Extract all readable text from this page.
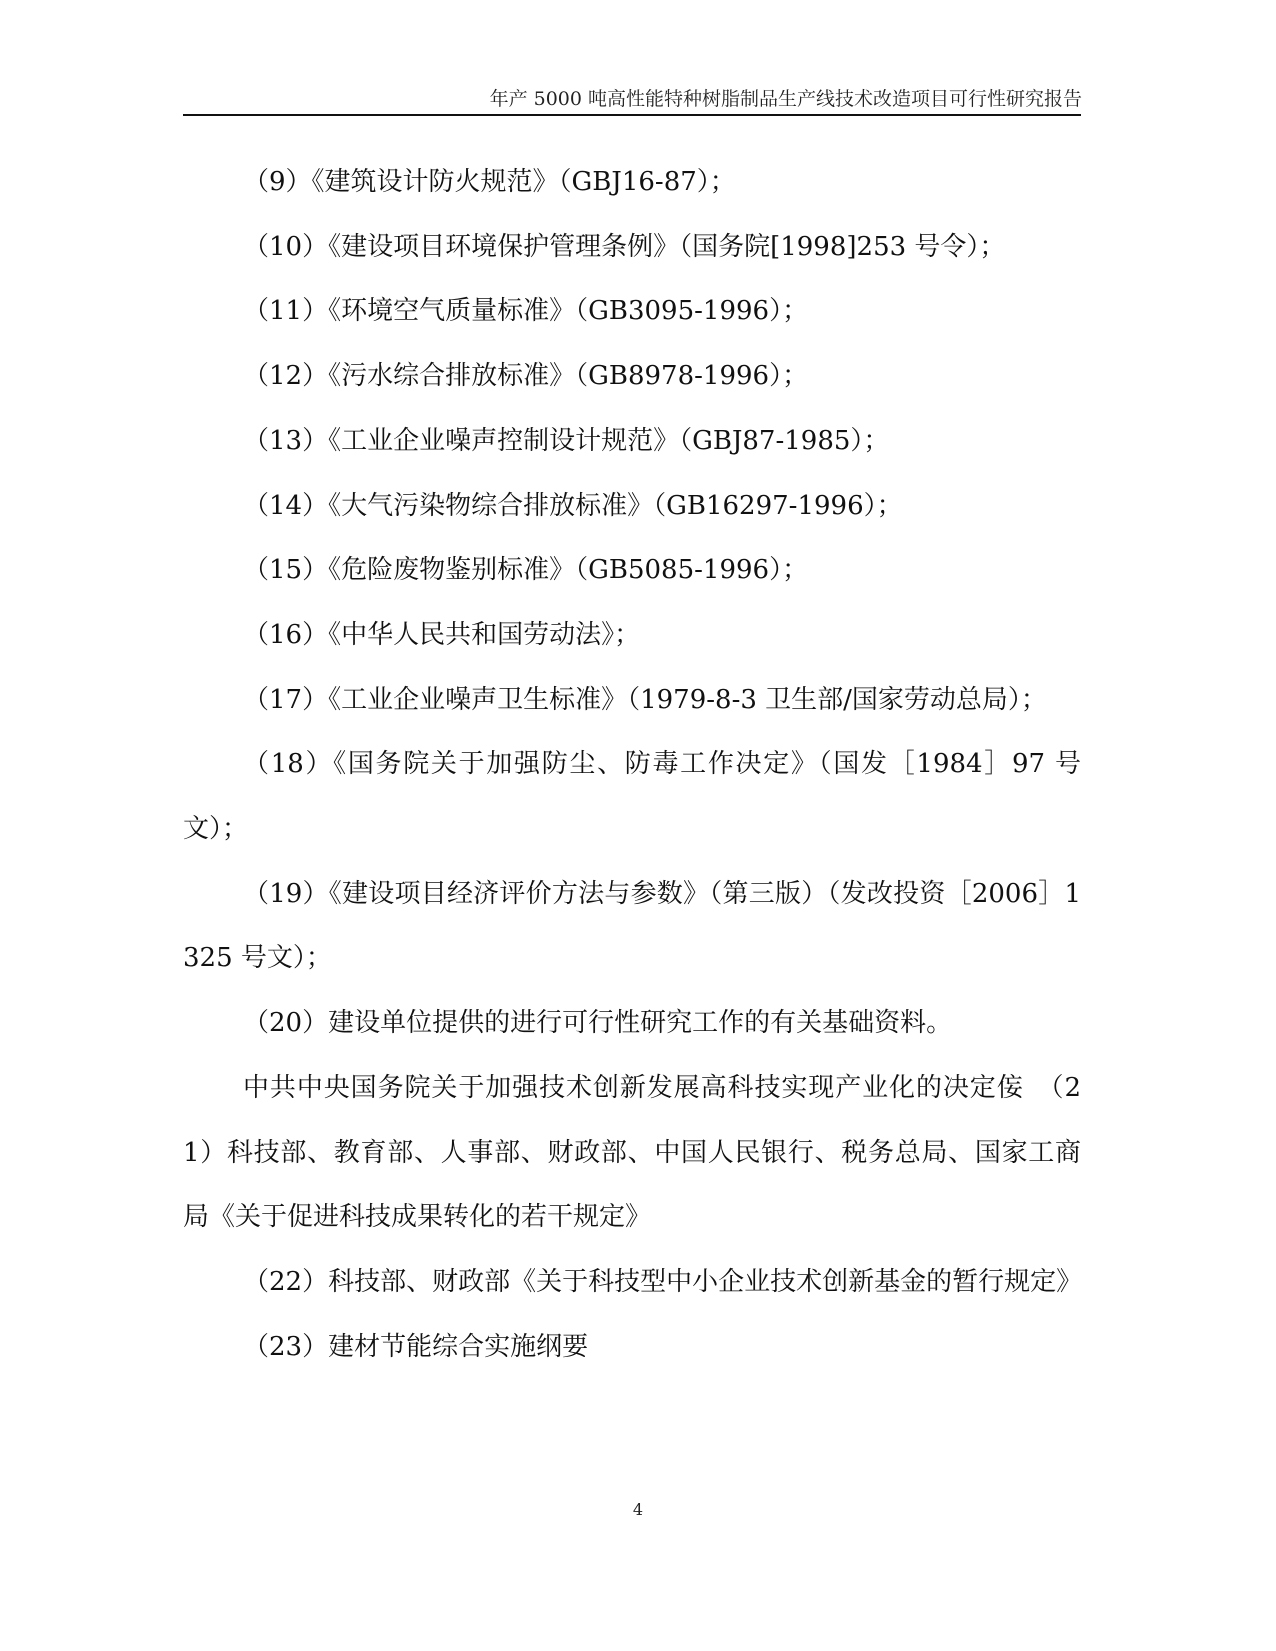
年产 5000 吨高性能特种树脂制品生产线技术改造项目可行性研究报告

（9）《建筑设计防火规范》（GBJ16-87）；

（10）《建设项目环境保护管理条例》（国务院[1998]253 号令）；

（11）《环境空气质量标准》（GB3095-1996）；

（12）《污水综合排放标准》（GB8978-1996）；

（13）《工业企业噪声控制设计规范》（GBJ87-1985）；

（14）《大气污染物综合排放标准》（GB16297-1996）；

（15）《危险废物鉴别标准》（GB5085-1996）；

（16）《中华人民共和国劳动法》；

（17）《工业企业噪声卫生标准》（1979-8-3 卫生部/国家劳动总局）；

（18）《国务院关于加强防尘、防毒工作决定》（国发［1984］97 号文）；

（19）《建设项目经济评价方法与参数》（第三版）（发改投资［2006］1325 号文）；

（20）建设单位提供的进行可行性研究工作的有关基础资料。

中共中央国务院关于加强技术创新发展高科技实现产业化的决定侫　（21）科技部、教育部、人事部、财政部、中国人民银行、税务总局、国家工商局《关于促进科技成果转化的若干规定》

（22）科技部、财政部《关于科技型中小企业技术创新基金的暂行规定》

（23）建材节能综合实施纲要

4
